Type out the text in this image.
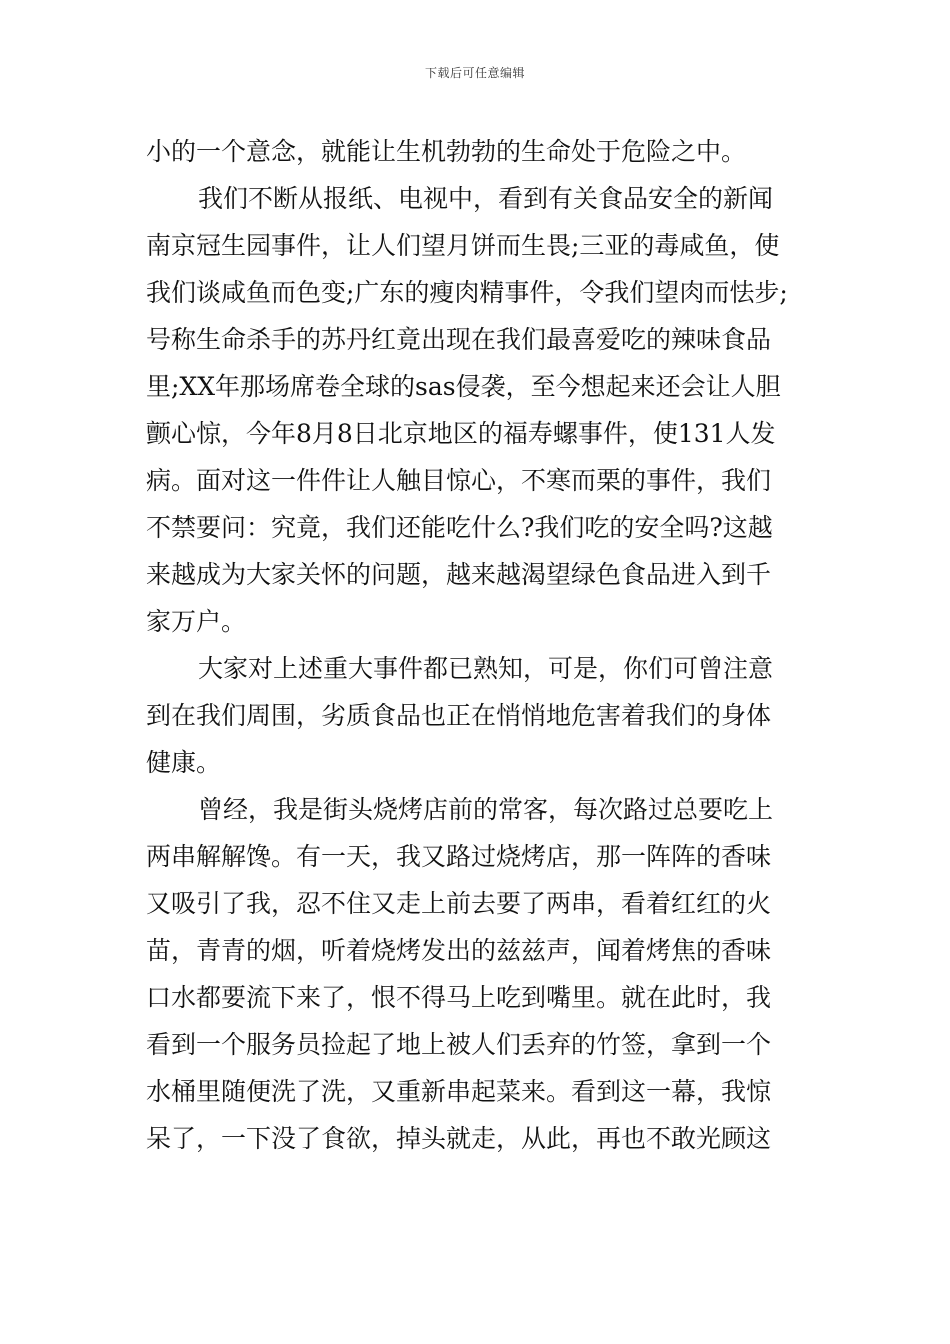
下载后可任意编辑
小的一个意念，就能让生机勃勃的生命处于危险之中。
我们不断从报纸、电视中，看到有关食品安全的新闻
南京冠生园事件，让人们望月饼而生畏;三亚的毒咸鱼，使
我们谈咸鱼而色变;广东的瘦肉精事件，令我们望肉而怯步;
号称生命杀手的苏丹红竟出现在我们最喜爱吃的辣味食品
里;XX年那场席卷全球的sas侵袭，至今想起来还会让人胆
颤心惊，今年8月8日北京地区的福寿螺事件，使131人发
病。面对这一件件让人触目惊心，不寒而栗的事件，我们
不禁要问：究竟，我们还能吃什么?我们吃的安全吗?这越
来越成为大家关怀的问题，越来越渴望绿色食品进入到千
家万户。
大家对上述重大事件都已熟知，可是，你们可曾注意
到在我们周围，劣质食品也正在悄悄地危害着我们的身体
健康。
曾经，我是街头烧烤店前的常客，每次路过总要吃上
两串解解馋。有一天，我又路过烧烤店，那一阵阵的香味
又吸引了我，忍不住又走上前去要了两串，看着红红的火
苗，青青的烟，听着烧烤发出的兹兹声，闻着烤焦的香味
口水都要流下来了，恨不得马上吃到嘴里。就在此时，我
看到一个服务员捡起了地上被人们丢弃的竹签，拿到一个
水桶里随便洗了洗，又重新串起菜来。看到这一幕，我惊
呆了，一下没了食欲，掉头就走，从此，再也不敢光顾这
